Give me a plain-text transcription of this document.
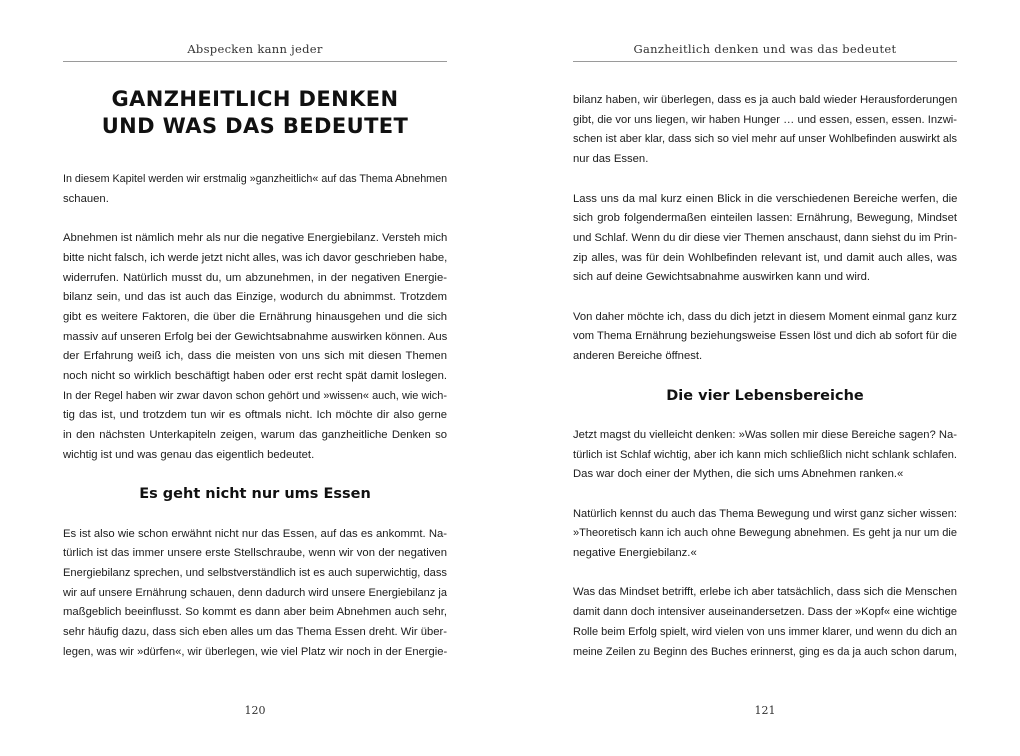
Abspecken kann jeder
GANZHEITLICH DENKEN
UND WAS DAS BEDEUTET

In diesem Kapitel werden wir erstmalig »ganzheitlich« auf das Thema Abnehmen
schauen.

Abnehmen ist nämlich mehr als nur die negative Energiebilanz. Versteh mich
bitte nicht falsch, ich werde jetzt nicht alles, was ich davor geschrieben habe,
widerrufen. Natürlich musst du, um abzunehmen, in der negativen Energie-
bilanz sein, und das ist auch das Einzige, wodurch du abnimmst. Trotzdem
gibt es weitere Faktoren, die über die Ernährung hinausgehen und die sich
massiv auf unseren Erfolg bei der Gewichtsabnahme auswirken können. Aus
der Erfahrung weiß ich, dass die meisten von uns sich mit diesen Themen
noch nicht so wirklich beschäftigt haben oder erst recht spät damit loslegen.
In der Regel haben wir zwar davon schon gehört und »wissen« auch, wie wich-
tig das ist, und trotzdem tun wir es oftmals nicht. Ich möchte dir also gerne
in den nächsten Unterkapiteln zeigen, warum das ganzheitliche Denken so
wichtig ist und was genau das eigentlich bedeutet.

Es geht nicht nur ums Essen

Es ist also wie schon erwähnt nicht nur das Essen, auf das es ankommt. Na-
türlich ist das immer unsere erste Stellschraube, wenn wir von der negativen
Energiebilanz sprechen, und selbstverständlich ist es auch superwichtig, dass
wir auf unsere Ernährung schauen, denn dadurch wird unsere Energiebilanz ja
maßgeblich beeinflusst. So kommt es dann aber beim Abnehmen auch sehr,
sehr häufig dazu, dass sich eben alles um das Thema Essen dreht. Wir über-
legen, was wir »dürfen«, wir überlegen, wie viel Platz wir noch in der Energie-

120
Ganzheitlich denken und was das bedeutet

bilanz haben, wir überlegen, dass es ja auch bald wieder Herausforderungen
gibt, die vor uns liegen, wir haben Hunger … und essen, essen, essen. Inzwi-
schen ist aber klar, dass sich so viel mehr auf unser Wohlbefinden auswirkt als
nur das Essen.

Lass uns da mal kurz einen Blick in die verschiedenen Bereiche werfen, die
sich grob folgendermaßen einteilen lassen: Ernährung, Bewegung, Mindset
und Schlaf. Wenn du dir diese vier Themen anschaust, dann siehst du im Prin-
zip alles, was für dein Wohlbefinden relevant ist, und damit auch alles, was
sich auf deine Gewichtsabnahme auswirken kann und wird.

Von daher möchte ich, dass du dich jetzt in diesem Moment einmal ganz kurz
vom Thema Ernährung beziehungsweise Essen löst und dich ab sofort für die
anderen Bereiche öffnest.

Die vier Lebensbereiche

Jetzt magst du vielleicht denken: »Was sollen mir diese Bereiche sagen? Na-
türlich ist Schlaf wichtig, aber ich kann mich schließlich nicht schlank schlafen.
Das war doch einer der Mythen, die sich ums Abnehmen ranken.«

Natürlich kennst du auch das Thema Bewegung und wirst ganz sicher wissen:
»Theoretisch kann ich auch ohne Bewegung abnehmen. Es geht ja nur um die
negative Energiebilanz.«

Was das Mindset betrifft, erlebe ich aber tatsächlich, dass sich die Menschen
damit dann doch intensiver auseinandersetzen. Dass der »Kopf« eine wichtige
Rolle beim Erfolg spielt, wird vielen von uns immer klarer, und wenn du dich an
meine Zeilen zu Beginn des Buches erinnerst, ging es da ja auch schon darum,

121
